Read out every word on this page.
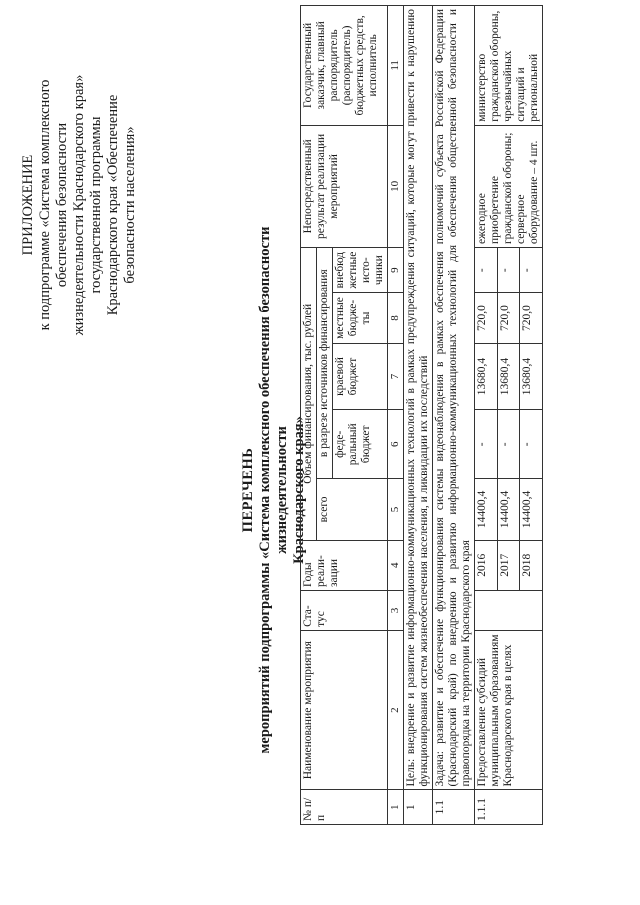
ПРИЛОЖЕНИЕ к подпрограмме «Система комплексного обеспечения безопасности жизнедеятельности Краснодарского края» государственной программы Краснодарского края «Обеспечение безопасности населения»
ПЕРЕЧЕНЬ мероприятий подпрограммы «Система комплексного обеспечения безопасности жизнедеятельности Краснодарского края»
№ п/п	Наименование мероприятия	Ста-тус	Годы реали-зации	Объем финансирования, тыс. рублей					Непосредственный результат реализации мероприятий	Государственный заказчик, главный распорядитель (распорядитель) бюджетных средств, исполнитель
				всего	в разрезе источников финансирования					
					феде-ральный бюджет	краевой бюджет	местные бюдже-ты	внебюд жетные исто-чники		
1	2	3	4	5	6	7	8	9	10	11
1	Цель: внедрение и развитие информационно-коммуникационных технологий в рамках предупреждения ситуаций, которые могут привести к нарушению функционирования систем жизнеобеспечения населения, и ликвидации их последствий									
1.1	Задача: развитие и обеспечение функционирования системы видеонаблюдения в рамках обеспечения полномочий субъекта Российской Федерации (Краснодарский край) по внедрению и развитию информационно-коммуникационных технологий для обеспечения общественной безопасности и правопорядка на территории Краснодарского края									
1.1.1	Предоставление субсидий муниципальным образованиям Краснодарского края в целях		2016	14400,4	-	13680,4	720,0	-	ежегодное приобретение гражданской обороны; серверное оборудование – 4 шт.	министерство гражданской обороны, чрезвычайных ситуаций и региональной
			2017	14400,4	-	13680,4	720,0	-		
			2018	14400,4	-	13680,4	720,0	-		
